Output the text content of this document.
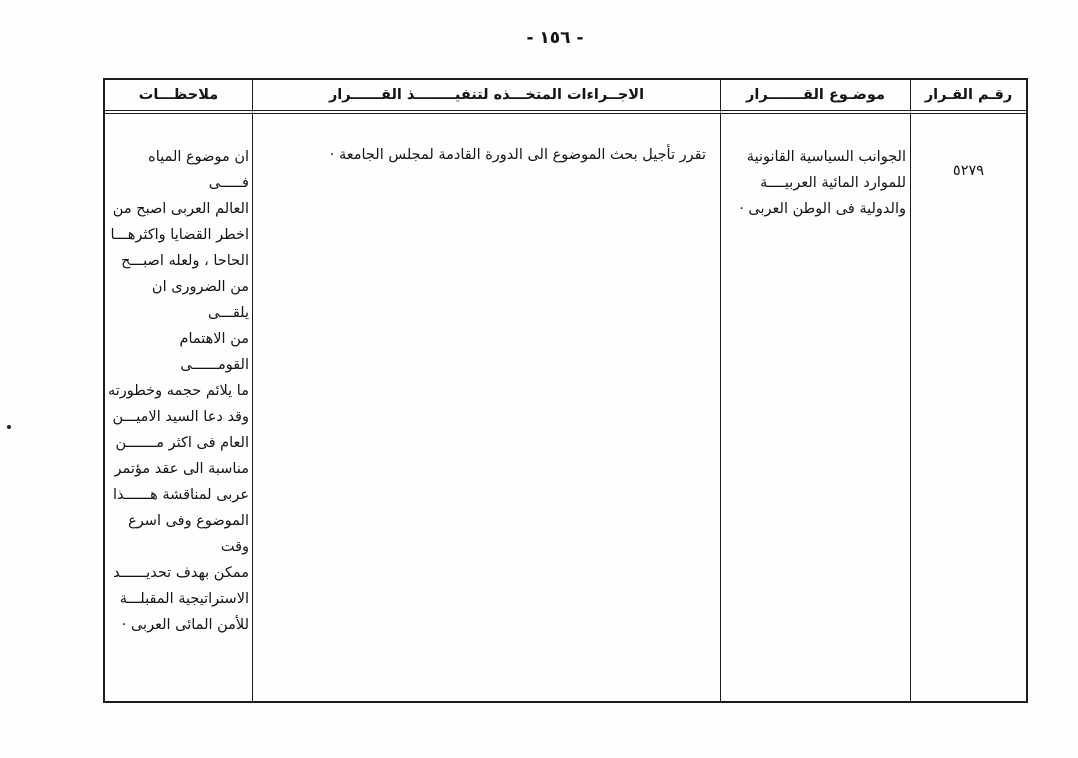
- ١٥٦ -
رقـم القـرار
موضـوع القـــــــرار
الاجــراءات المتخـــذه لتنفيــــــــذ القــــــرار
ملاحظـــات
٥٢٧٩
الجوانب السياسية القانونية
للموارد المائية العربيــــة
والدولية فى الوطن العربى ·
تقرر تأجيل بحث الموضوع الى الدورة القادمة لمجلس الجامعة ·
ان موضوع المياه فـــــى
العالم العربى اصبح من
اخطر القضايا واكثرهـــا
الحاحا ، ولعله اصبـــح
من الضرورى ان يلقـــى
من الاهتمام القومــــــى
ما يلائم حجمه وخطورته
وقد دعا السيد الاميـــن
العام فى اكثر مـــــــن
مناسبة الى عقد مؤتمر
عربى لمناقشة هــــــذا
الموضوع وفى اسرع وقت
ممكن بهدف تحديــــــد
الاستراتيجية المقبلـــة
للأمن المائى العربى ·
